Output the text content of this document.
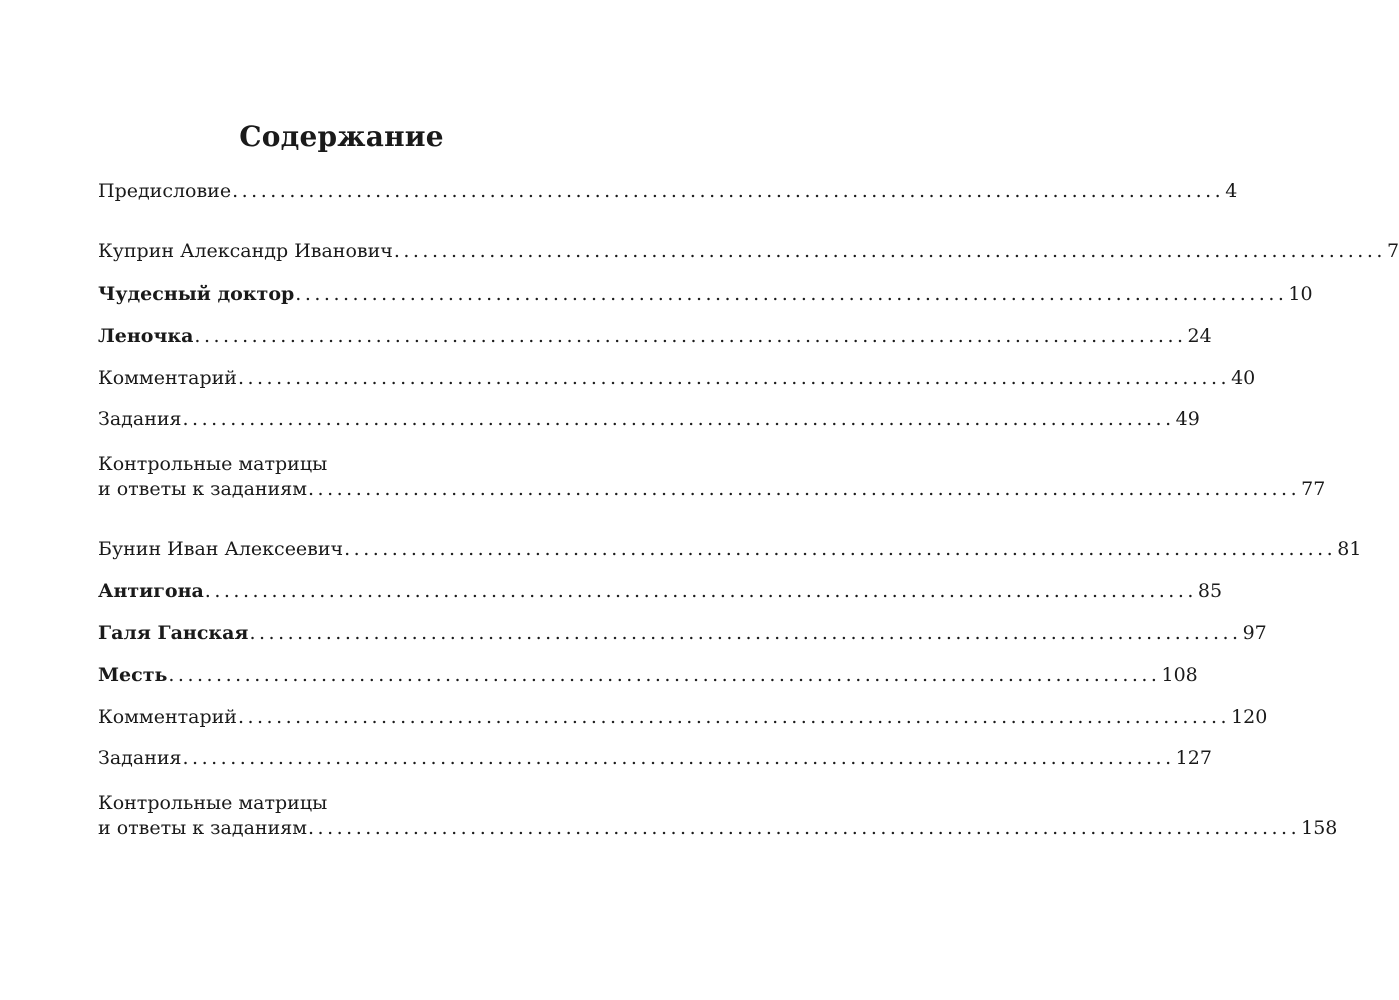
Содержание
Предисловие ........................................................................................................ 4
Куприн Александр Иванович ........................................................................................................ 7
Чудесный доктор ........................................................................................................ 10
Леночка ........................................................................................................ 24
Комментарий ........................................................................................................ 40
Задания ........................................................................................................ 49
Контрольные матрицы
и ответы к заданиям ........................................................................................................ 77
Бунин Иван Алексеевич ........................................................................................................ 81
Антигона ........................................................................................................ 85
Галя Ганская ........................................................................................................ 97
Месть ........................................................................................................ 108
Комментарий ........................................................................................................ 120
Задания ........................................................................................................ 127
Контрольные матрицы
и ответы к заданиям ........................................................................................................ 158
